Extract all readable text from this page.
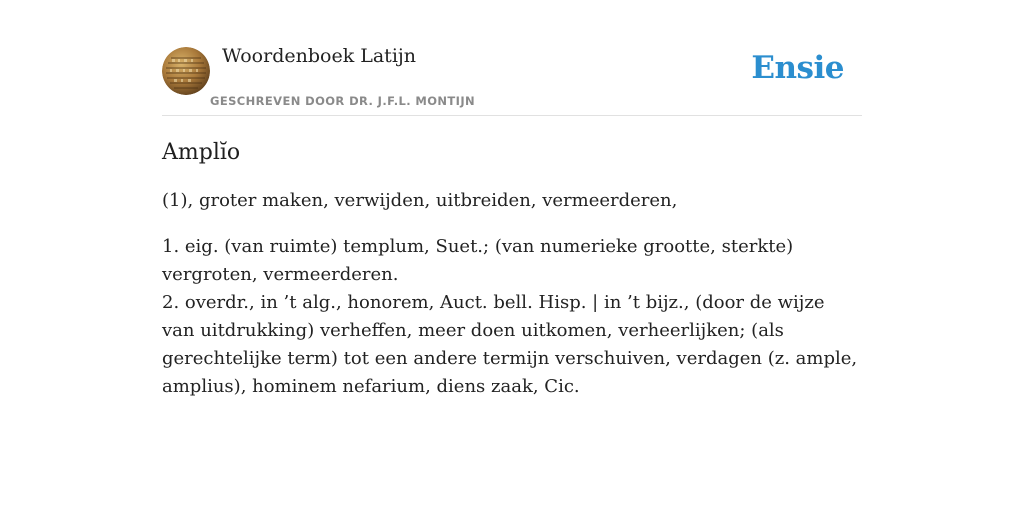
Woordenboek Latijn
GESCHREVEN DOOR DR. J.F.L. MONTIJN
Ensie
Amplĭo

(1), groter maken, verwijden, uitbreiden, vermeerderen,

1. eig. (van ruimte) templum, Suet.; (van numerieke grootte, sterkte) vergroten, vermeerderen.
2. overdr., in ’t alg., honorem, Auct. bell. Hisp. | in ’t bijz., (door de wijze van uitdrukking) verheffen, meer doen uitkomen, verheerlijken; (als gerechtelijke term) tot een andere termijn verschuiven, verdagen (z. ample, amplius), hominem nefarium, diens zaak, Cic.
